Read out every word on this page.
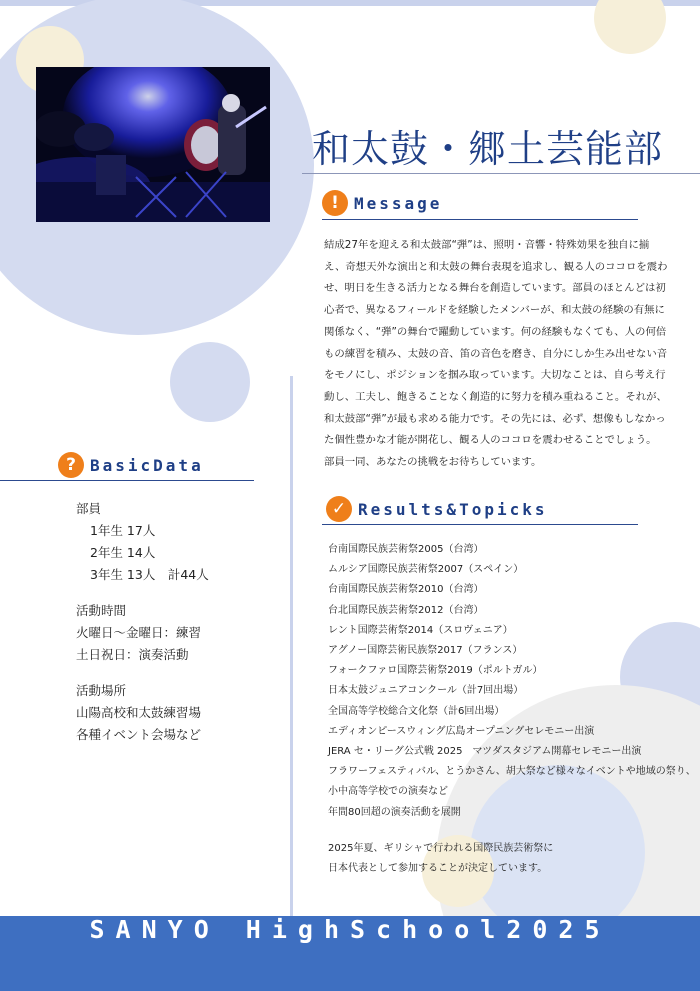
和太鼓・郷土芸能部
! Message

結成27年を迎える和太鼓部“弾”は、照明・音響・特殊効果を独自に揃え、奇想天外な演出と和太鼓の舞台表現を追求し、観る人のココロを震わせ、明日を生きる活力となる舞台を創造しています。部員のほとんどは初心者で、異なるフィールドを経験したメンバーが、和太鼓の経験の有無に関係なく、“弾”の舞台で躍動しています。何の経験もなくても、人の何倍もの練習を積み、太鼓の音、笛の音色を磨き、自分にしか生み出せない音をモノにし、ポジションを掴み取っています。大切なことは、自ら考え行動し、工夫し、飽きることなく創造的に努力を積み重ねること。それが、和太鼓部“弾”が最も求める能力です。その先には、必ず、想像もしなかった個性豊かな才能が開花し、観る人のココロを震わせることでしょう。

部員一同、あなたの挑戦をお待ちしています。

? BasicData
部員
1年生 17人
2年生 14人
3年生 13人　計44人
活動時間
火曜日～金曜日：練習
土日祝日：演奏活動
活動場所
山陽高校和太鼓練習場
各種イベント会場など
✓ Results&Topicks
台南国際民族芸術祭2005（台湾）
ムルシア国際民族芸術祭2007（スペイン）
台南国際民族芸術祭2010（台湾）
台北国際民族芸術祭2012（台湾）
レント国際芸術祭2014（スロヴェニア）
アグノー国際芸術民族祭2017（フランス）
フォークファロ国際芸術祭2019（ポルトガル）
日本太鼓ジュニアコンクール（計7回出場）
全国高等学校総合文化祭（計6回出場）
エディオンピースウィング広島オープニングセレモニー出演
JERA セ・リーグ公式戦 2025　マツダスタジアム開幕セレモニー出演
フラワーフェスティバル、とうかさん、胡大祭など様々なイベントや地域の祭り、
小中高等学校での演奏など
年間80回超の演奏活動を展開
2025年夏、ギリシャで行われる国際民族芸術祭に
日本代表として参加することが決定しています。
SANYO HighSchool2025
